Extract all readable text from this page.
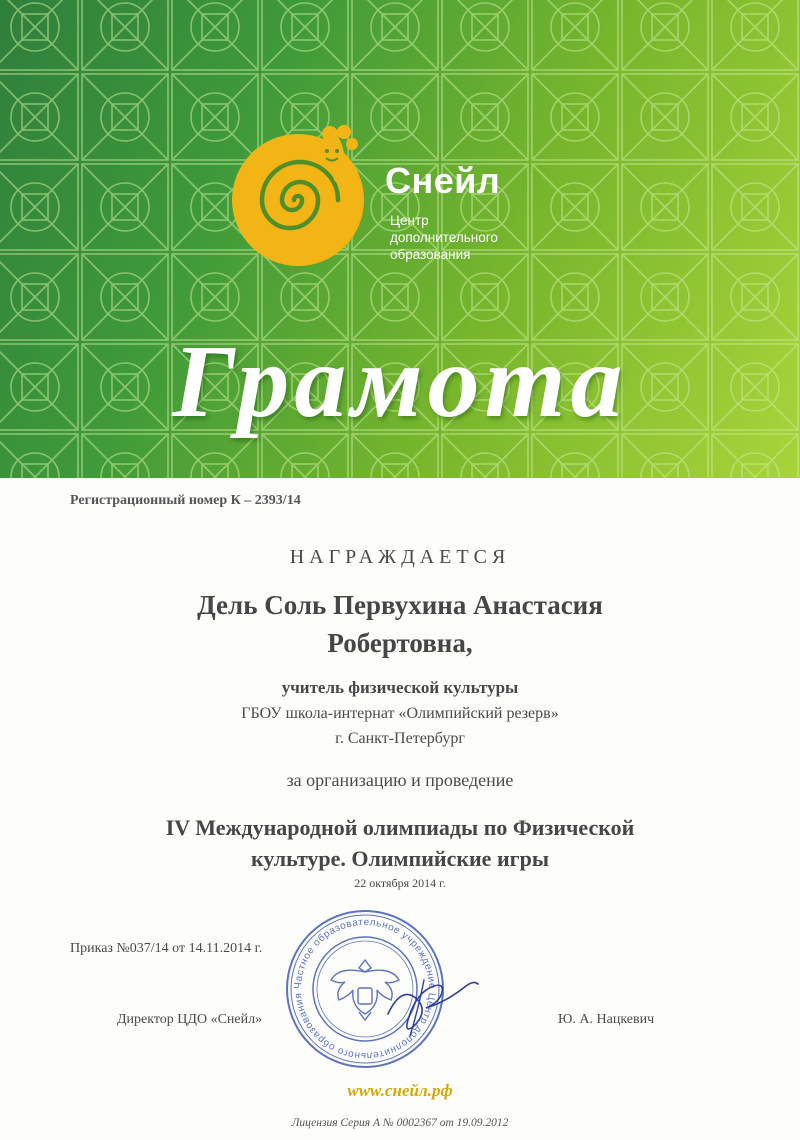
Снейл
Центр
дополнительного
образования
Грамота
Регистрационный номер К – 2393/14
НАГРАЖДАЕТСЯ
Дель Соль Первухина Анастасия
Робертовна,
учитель физической культуры
ГБОУ школа-интернат «Олимпийский резерв»
г. Санкт-Петербург
за организацию и проведение
IV Международной олимпиады по Физической
культуре. Олимпийские игры
22 октября 2014 г.
Приказ №037/14 от 14.11.2014 г.
Директор ЦДО «Снейл»	Ю. А. Нацкевич
Частное образовательное учреждение Центр дополнительного образования
www.снейл.рф
Лицензия Серия А № 0002367 от 19.09.2012
